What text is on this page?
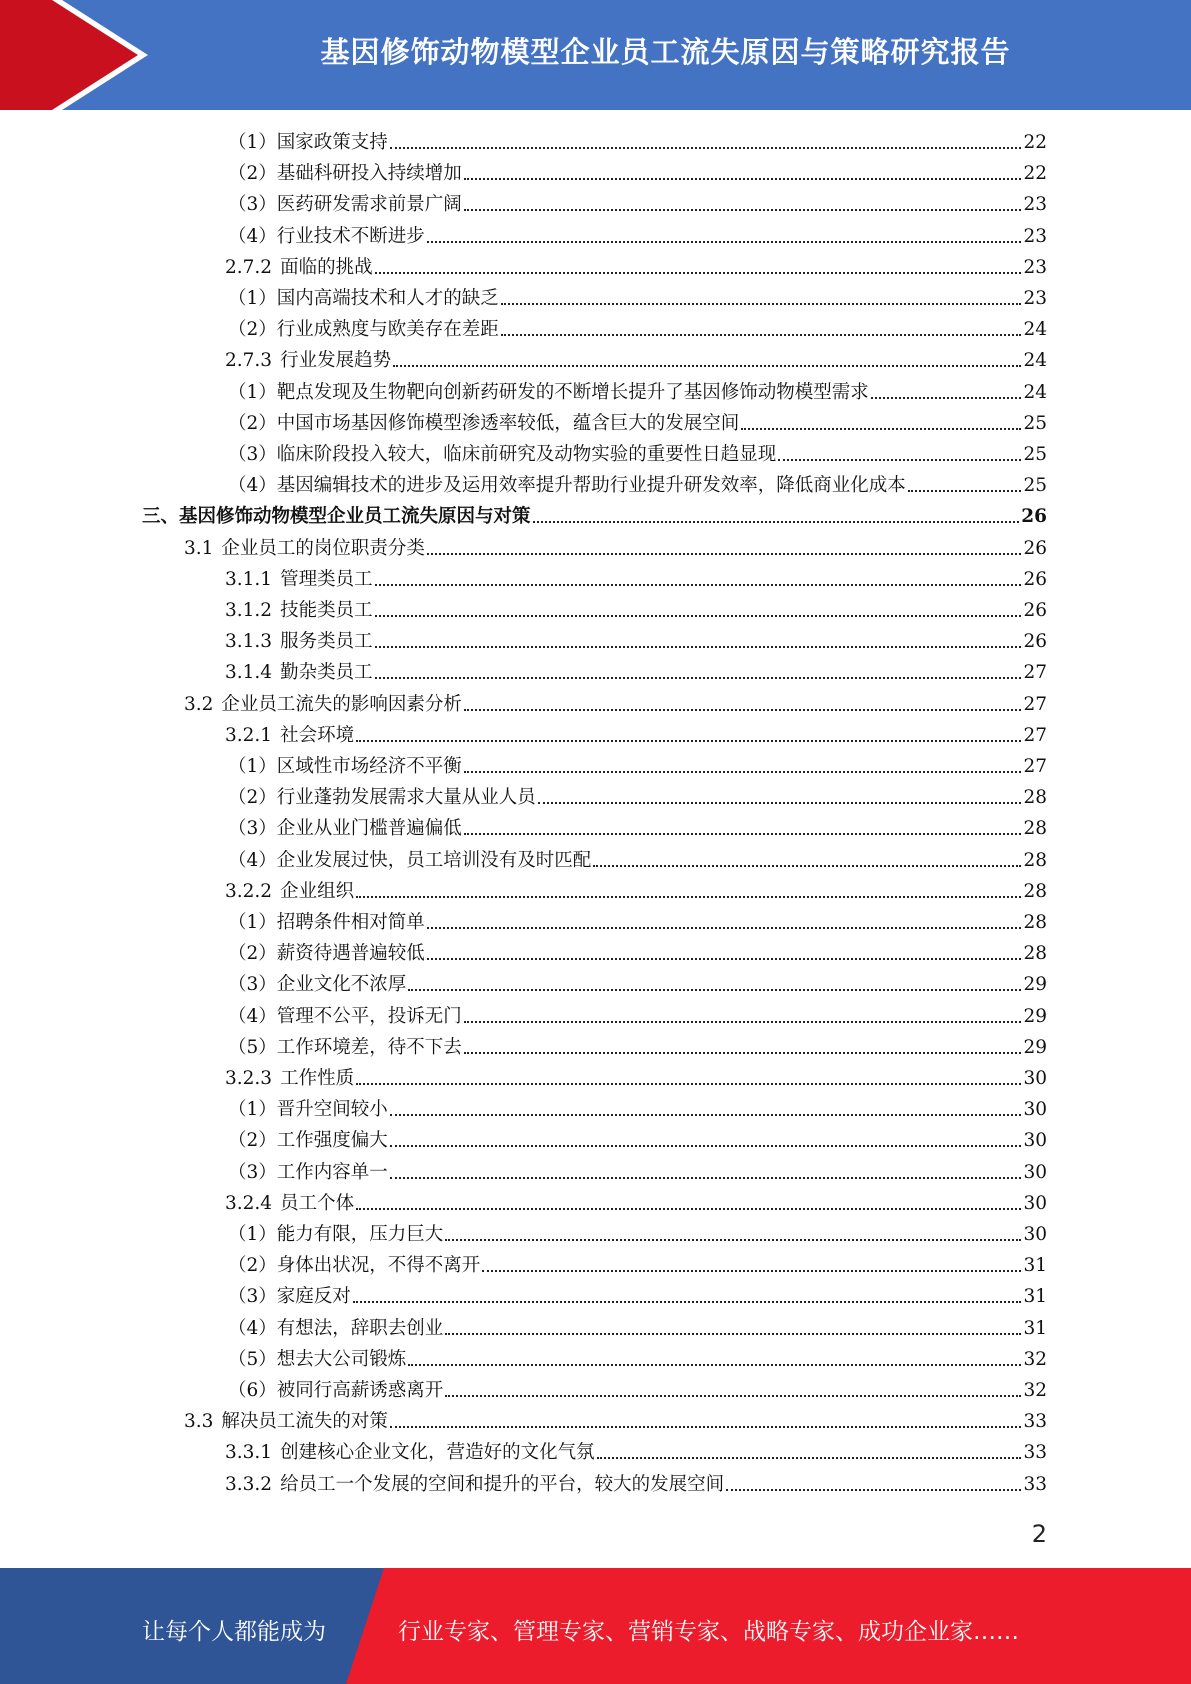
基因修饰动物模型企业员工流失原因与策略研究报告
（1） 国家政策支持	22
（2） 基础科研投入持续增加	22
（3） 医药研发需求前景广阔	23
（4） 行业技术不断进步	23
2.7.2 面临的挑战	23
（1） 国内高端技术和人才的缺乏	23
（2） 行业成熟度与欧美存在差距	24
2.7.3 行业发展趋势	24
（1） 靶点发现及生物靶向创新药研发的不断增长提升了基因修饰动物模型需求	24
（2） 中国市场基因修饰模型渗透率较低，蕴含巨大的发展空间	25
（3） 临床阶段投入较大，临床前研究及动物实验的重要性日趋显现	25
（4） 基因编辑技术的进步及运用效率提升帮助行业提升研发效率，降低商业化成本	25
三、 基因修饰动物模型企业员工流失原因与对策	26
3.1 企业员工的岗位职责分类	26
3.1.1 管理类员工	26
3.1.2 技能类员工	26
3.1.3 服务类员工	26
3.1.4 勤杂类员工	27
3.2 企业员工流失的影响因素分析	27
3.2.1 社会环境	27
（1） 区域性市场经济不平衡	27
（2） 行业蓬勃发展需求大量从业人员	28
（3） 企业从业门槛普遍偏低	28
（4） 企业发展过快，员工培训没有及时匹配	28
3.2.2 企业组织	28
（1） 招聘条件相对简单	28
（2） 薪资待遇普遍较低	28
（3） 企业文化不浓厚	29
（4） 管理不公平，投诉无门	29
（5） 工作环境差，待不下去	29
3.2.3 工作性质	30
（1） 晋升空间较小	30
（2） 工作强度偏大	30
（3） 工作内容单一	30
3.2.4 员工个体	30
（1） 能力有限，压力巨大	30
（2） 身体出状况，不得不离开	31
（3） 家庭反对	31
（4） 有想法，辞职去创业	31
（5） 想去大公司锻炼	32
（6） 被同行高薪诱惑离开	32
3.3 解决员工流失的对策	33
3.3.1 创建核心企业文化，营造好的文化气氛	33
3.3.2 给员工一个发展的空间和提升的平台，较大的发展空间	33
2
让每个人都能成为	行业专家、管理专家、营销专家、战略专家、成功企业家……
